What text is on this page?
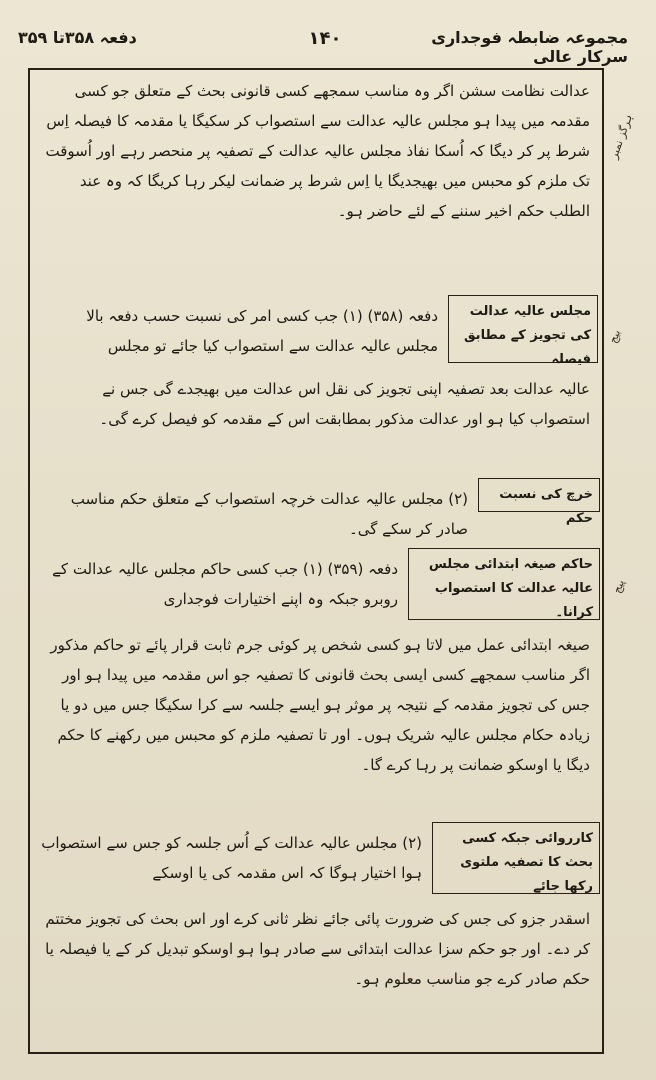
دفعہ ۳۵۸تا ۳۵۹	۱۴۰	مجموعہ ضابطہ فوجداری سرکار عالی

عدالت نظامت سشن اگر وہ مناسب سمجھے کسی قانونی بحث کے متعلق جو کسی مقدمہ میں پیدا ہو مجلس عالیہ عدالت سے استصواب کر سکیگا یا مقدمہ کا فیصلہ اِس شرط پر کر دیگا کہ اُسکا نفاذ مجلس عالیہ عدالت کے تصفیہ پر منحصر رہے اور اُسوقت تک ملزم کو محبس میں بھیجدیگا یا اِس شرط پر ضمانت لیکر رہا کریگا کہ وہ عند الطلب حکم اخیر سننے کے لئے حاضر ہو۔

مجلس عالیہ عدالت کی تجویز کے مطابق فیصلہ

دفعہ (۳۵۸) (۱) جب کسی امر کی نسبت حسب دفعہ بالا مجلس عالیہ عدالت سے استصواب کیا جائے تو مجلس

عالیہ عدالت بعد تصفیہ اپنی تجویز کی نقل اس عدالت میں بھیجدے گی جس نے استصواب کیا ہو اور عدالت مذکور بمطابقت اس کے مقدمہ کو فیصل کرے گی۔

خرچ کی نسبت حکم

(۲) مجلس عالیہ عدالت خرچہ استصواب کے متعلق حکم مناسب صادر کر سکے گی۔

حاکم صیغہ ابتدائی مجلس عالیہ عدالت کا استصواب کرانا۔

دفعہ (۳۵۹) (۱) جب کسی حاکم مجلس عالیہ عدالت کے روبرو جبکہ وہ اپنے اختیارات فوجداری

صیغہ ابتدائی عمل میں لاتا ہو کسی شخص پر کوئی جرم ثابت قرار پائے تو حاکم مذکور اگر مناسب سمجھے کسی ایسی بحث قانونی کا تصفیہ جو اس مقدمہ میں پیدا ہو اور جس کی تجویز مقدمہ کے نتیجہ پر موثر ہو ایسے جلسہ سے کرا سکیگا جس میں دو یا زیادہ حکام مجلس عالیہ شریک ہوں۔ اور تا تصفیہ ملزم کو محبس میں رکھنے کا حکم دیگا یا اوسکو ضمانت پر رہا کرے گا۔

کارروائی جبکہ کسی بحث کا تصفیہ ملتوی رکھا جائے

(۲) مجلس عالیہ عدالت کے اُس جلسہ کو جس سے استصواب ہوا اختیار ہوگا کہ اس مقدمہ کی یا اوسکے

اسقدر جزو کی جس کی ضرورت پائی جائے نظر ثانی کرے اور اس بحث کی تجویز مختتم کر دے۔ اور جو حکم سزا عدالت ابتدائی سے صادر ہوا ہو اوسکو تبدیل کر کے یا فیصلہ یا حکم صادر کرے جو مناسب معلوم ہو۔

ہرگز نمبر
بیج
پیج
